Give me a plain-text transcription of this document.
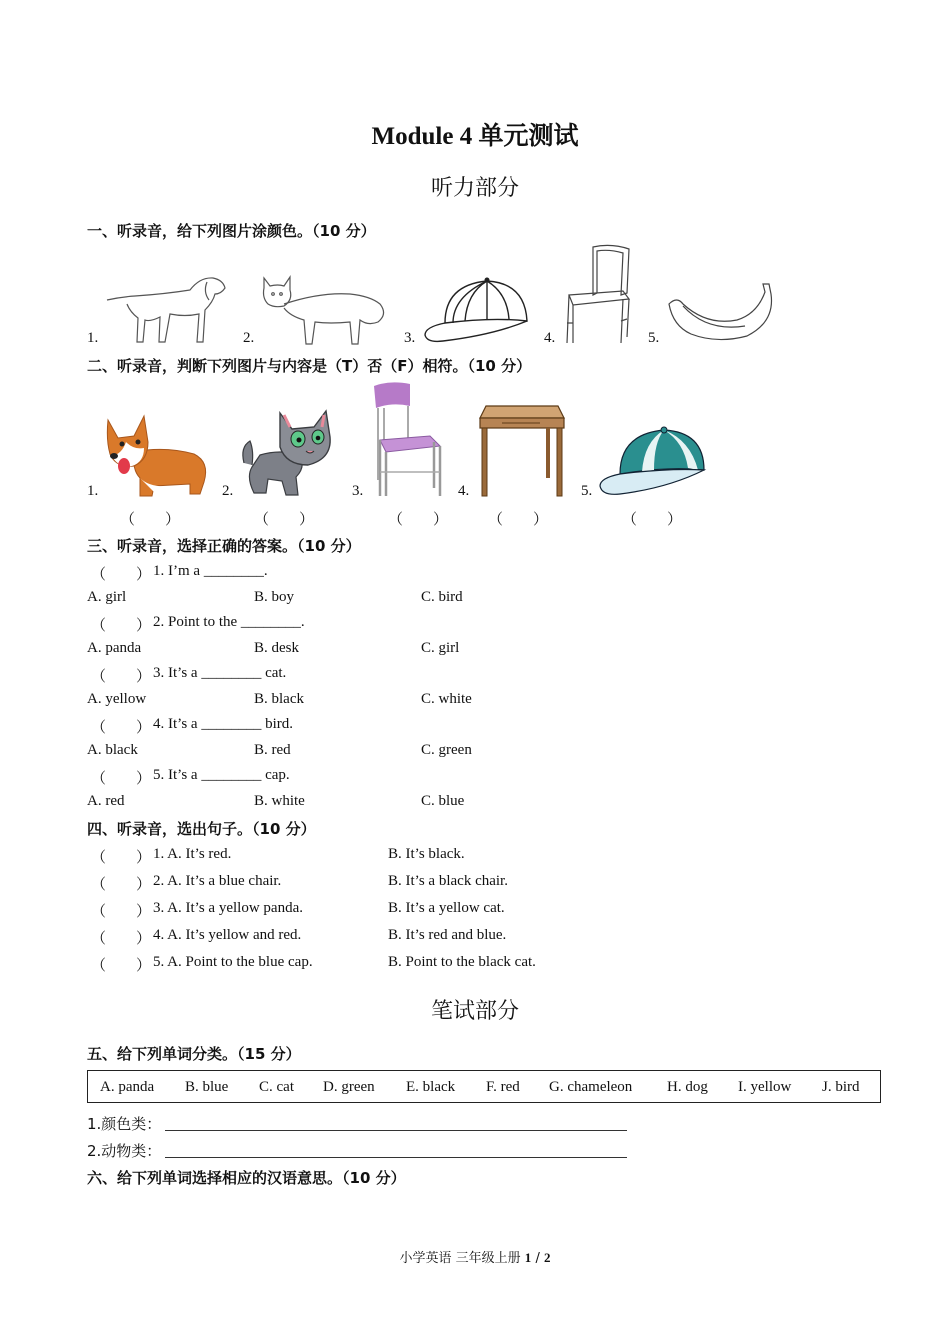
Module 4 单元测试
听力部分
一、听录音，给下列图片涂颜色。（10 分）
1.	2.	3.	4.	5.
二、听录音，判断下列图片与内容是（T）否（F）相符。（10 分）
1.	2.	3.	4.	5.
（　　）	（　　）	（　　）	（　　）	（　　）
三、听录音，选择正确的答案。（10 分）
（　　） 1. I’m a ________.
A. girl	B. boy	C. bird
（　　） 2. Point to the ________.
A. panda	B. desk	C. girl
（　　） 3. It’s a ________ cat.
A. yellow	B. black	C. white
（　　） 4. It’s a ________ bird.
A. black	B. red	C. green
（　　） 5. It’s a ________ cap.
A. red	B. white	C. blue
四、听录音，选出句子。（10 分）
（　　） 1. A. It’s red.	B. It’s black.
（　　） 2. A. It’s a blue chair.	B. It’s a black chair.
（　　） 3. A. It’s a yellow panda.	B. It’s a yellow cat.
（　　） 4. A. It’s yellow and red.	B. It’s red and blue.
（　　） 5. A. Point to the blue cap.	B. Point to the black cat.
笔试部分
五、给下列单词分类。（15 分）
A. panda B. blue C. cat D. green E. black F. red G. chameleon H. dog I. yellow J. bird
1.颜色类：
2.动物类：
六、给下列单词选择相应的汉语意思。（10 分）
小学英语 三年级上册 1 / 2
